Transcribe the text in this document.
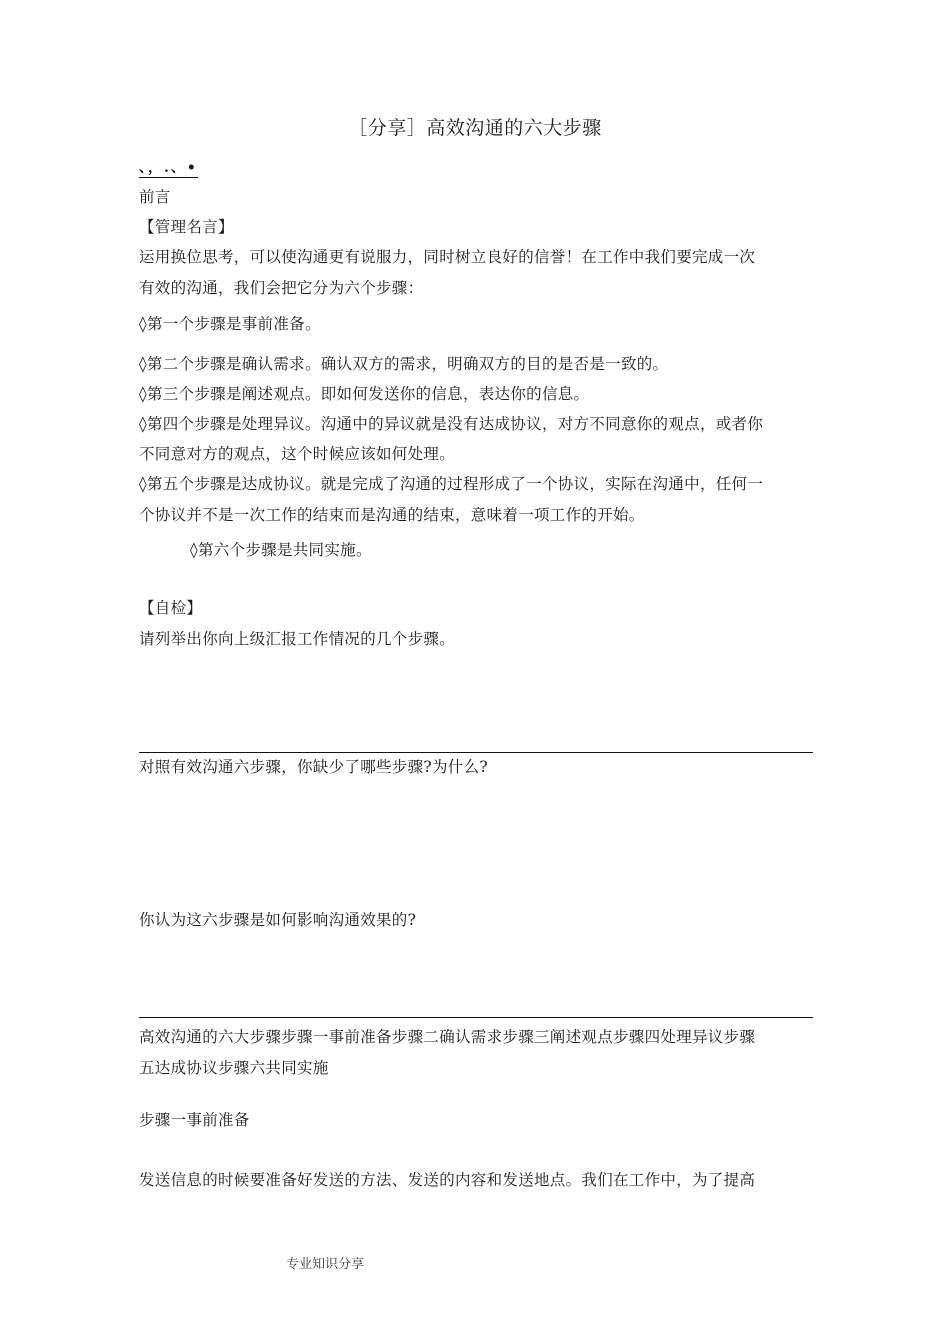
［分享］高效沟通的六大步骤
、，.、•
前言
【管理名言】
运用换位思考，可以使沟通更有说服力，同时树立良好的信誉！在工作中我们要完成一次
有效的沟通，我们会把它分为六个步骤：
◊第一个步骤是事前准备。
◊第二个步骤是确认需求。确认双方的需求，明确双方的目的是否是一致的。
◊第三个步骤是阐述观点。即如何发送你的信息，表达你的信息。
◊第四个步骤是处理异议。沟通中的异议就是没有达成协议，对方不同意你的观点，或者你
不同意对方的观点，这个时候应该如何处理。
◊第五个步骤是达成协议。就是完成了沟通的过程形成了一个协议，实际在沟通中，任何一
个协议并不是一次工作的结束而是沟通的结束，意味着一项工作的开始。
◊第六个步骤是共同实施。
【自检】
请列举出你向上级汇报工作情况的几个步骤。
对照有效沟通六步骤，你缺少了哪些步骤?为什么?
你认为这六步骤是如何影响沟通效果的?
高效沟通的六大步骤步骤一事前准备步骤二确认需求步骤三阐述观点步骤四处理异议步骤
五达成协议步骤六共同实施
步骤一事前准备
发送信息的时候要准备好发送的方法、发送的内容和发送地点。我们在工作中，为了提高
专业知识分享
